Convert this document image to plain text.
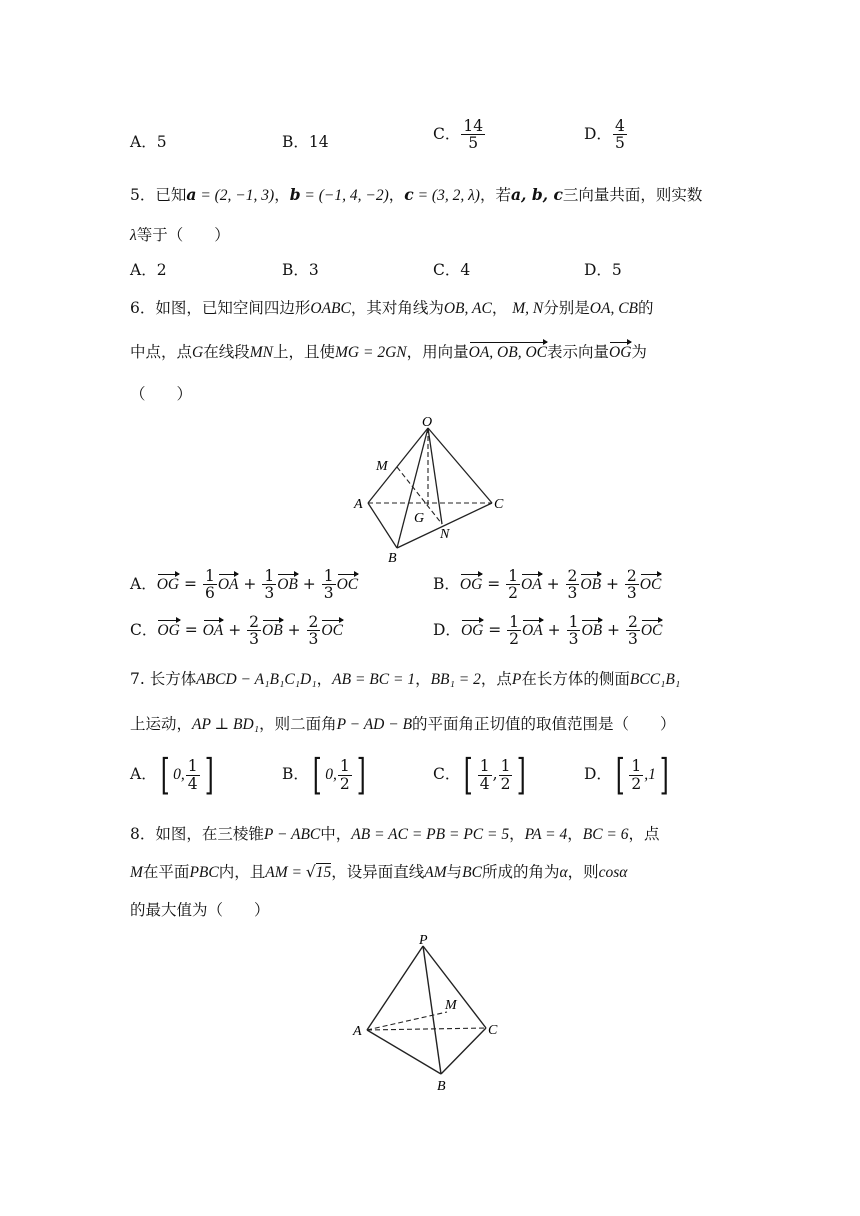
A．5	B．14	C． $\frac{14}{5}$	D． $\frac{4}{5}$
5．已知a = (2, −1, 3)，b = (−1, 4, −2)，c = (3, 2, λ)，若a, b, c三向量共面，则实数
λ等于（　　）
A．2	B．3	C．4	D．5
6．如图，已知空间四边形OABC，其对角线为OB, AC， M, N分别是OA, CB的
中点，点G在线段MN上，且使MG = 2GN，用向量OA, OB, OC表示向量OG为
（　　）
O
M
A	C
G
N
B
A．OG = $\frac{1}{6}$ OA + $\frac{1}{3}$ OB + $\frac{1}{3}$ OC	B．OG = $\frac{1}{2}$ OA + $\frac{2}{3}$ OB + $\frac{2}{3}$ OC
C．OG = OA + $\frac{2}{3}$ OB + $\frac{2}{3}$ OC	D．OG = $\frac{1}{2}$ OA + $\frac{1}{3}$ OB + $\frac{2}{3}$ OC
7. 长方体ABCD − A₁B₁C₁D₁，AB = BC = 1，BB₁ = 2，点P在长方体的侧面BCC₁B₁
上运动，AP ⊥ BD₁，则二面角P − AD − B的平面角正切值的取值范围是（　　）
A．[ 0, $\frac{1}{4}$ ]	B．[ 0, $\frac{1}{2}$ ]	C．[ $\frac{1}{4}$ , $\frac{1}{2}$ ]	D．[ $\frac{1}{2} ,1$]
8．如图，在三棱锥P − ABC中，AB = AC = PB = PC = 5，PA = 4，BC = 6，点
M在平面PBC内，且AM = √15，设异面直线AM与BC所成的角为α，则cosα
的最大值为（　　）
P
M
A	C
B
